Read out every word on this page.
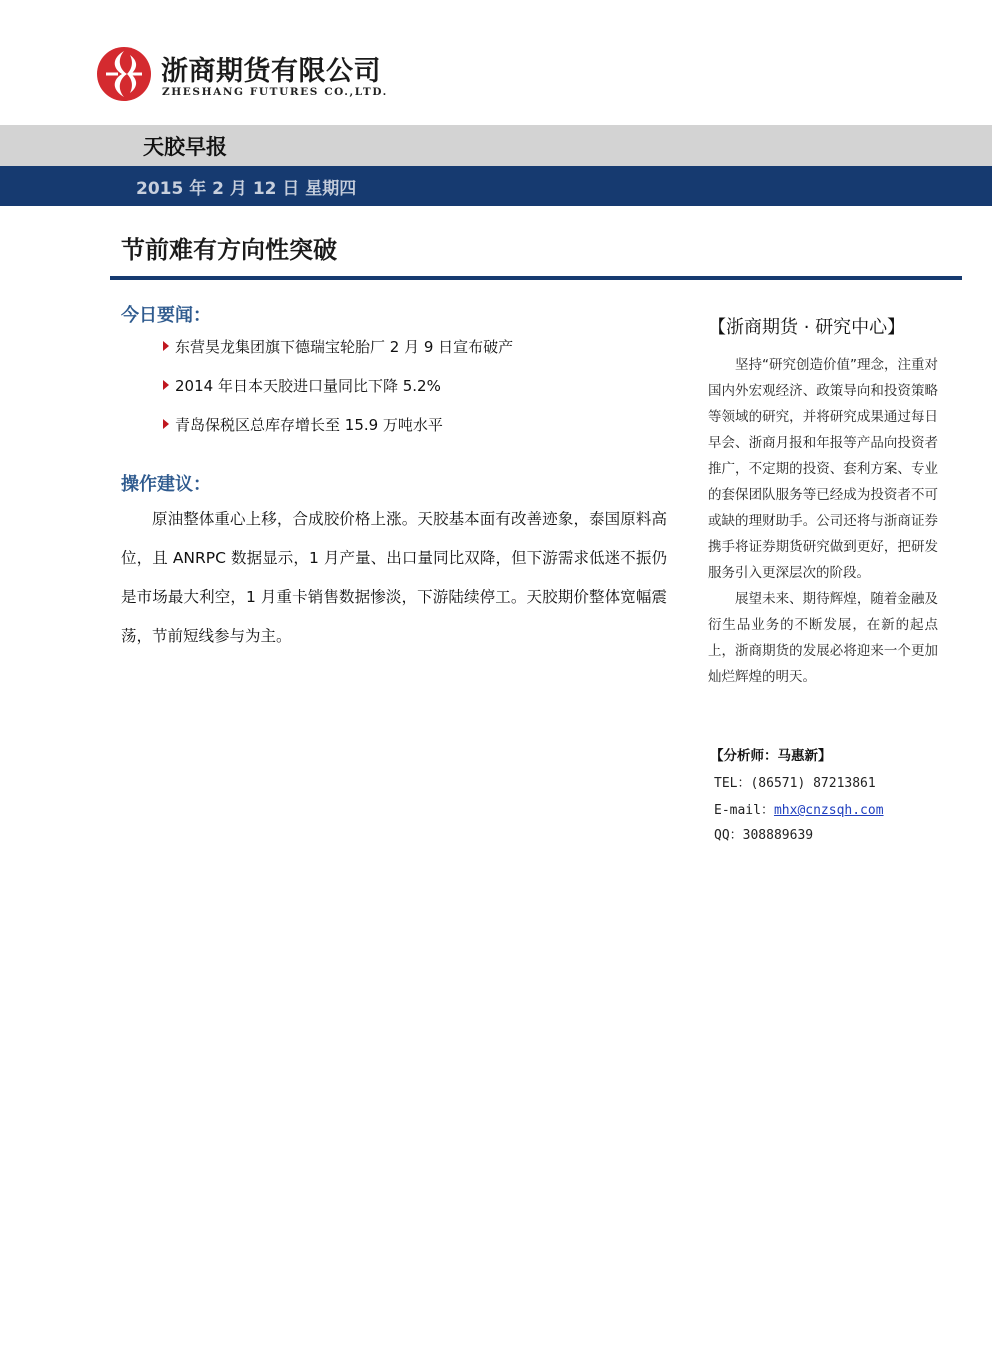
浙商期货有限公司
ZHESHANG FUTURES CO.,LTD.
天胶早报
2015 年 2 月 12 日 星期四
节前难有方向性突破
今日要闻：
东营昊龙集团旗下德瑞宝轮胎厂 2 月 9 日宣布破产
2014 年日本天胶进口量同比下降 5.2%
青岛保税区总库存增长至 15.9 万吨水平
操作建议：
原油整体重心上移，合成胶价格上涨。天胶基本面有改善迹象，泰国原料高位，且 ANRPC 数据显示，1 月产量、出口量同比双降，但下游需求低迷不振仍是市场最大利空，1 月重卡销售数据惨淡，下游陆续停工。天胶期价整体宽幅震荡，节前短线参与为主。
【浙商期货 · 研究中心】

坚持“研究创造价值”理念，注重对国内外宏观经济、政策导向和投资策略等领域的研究，并将研究成果通过每日早会、浙商月报和年报等产品向投资者推广，不定期的投资、套利方案、专业的套保团队服务等已经成为投资者不可或缺的理财助手。公司还将与浙商证券携手将证券期货研究做到更好，把研发服务引入更深层次的阶段。

展望未来、期待辉煌，随着金融及衍生品业务的不断发展，在新的起点上，浙商期货的发展必将迎来一个更加灿烂辉煌的明天。

【分析师：马惠新】
TEL：(86571) 87213861
E-mail：mhx@cnzsqh.com
QQ：308889639
